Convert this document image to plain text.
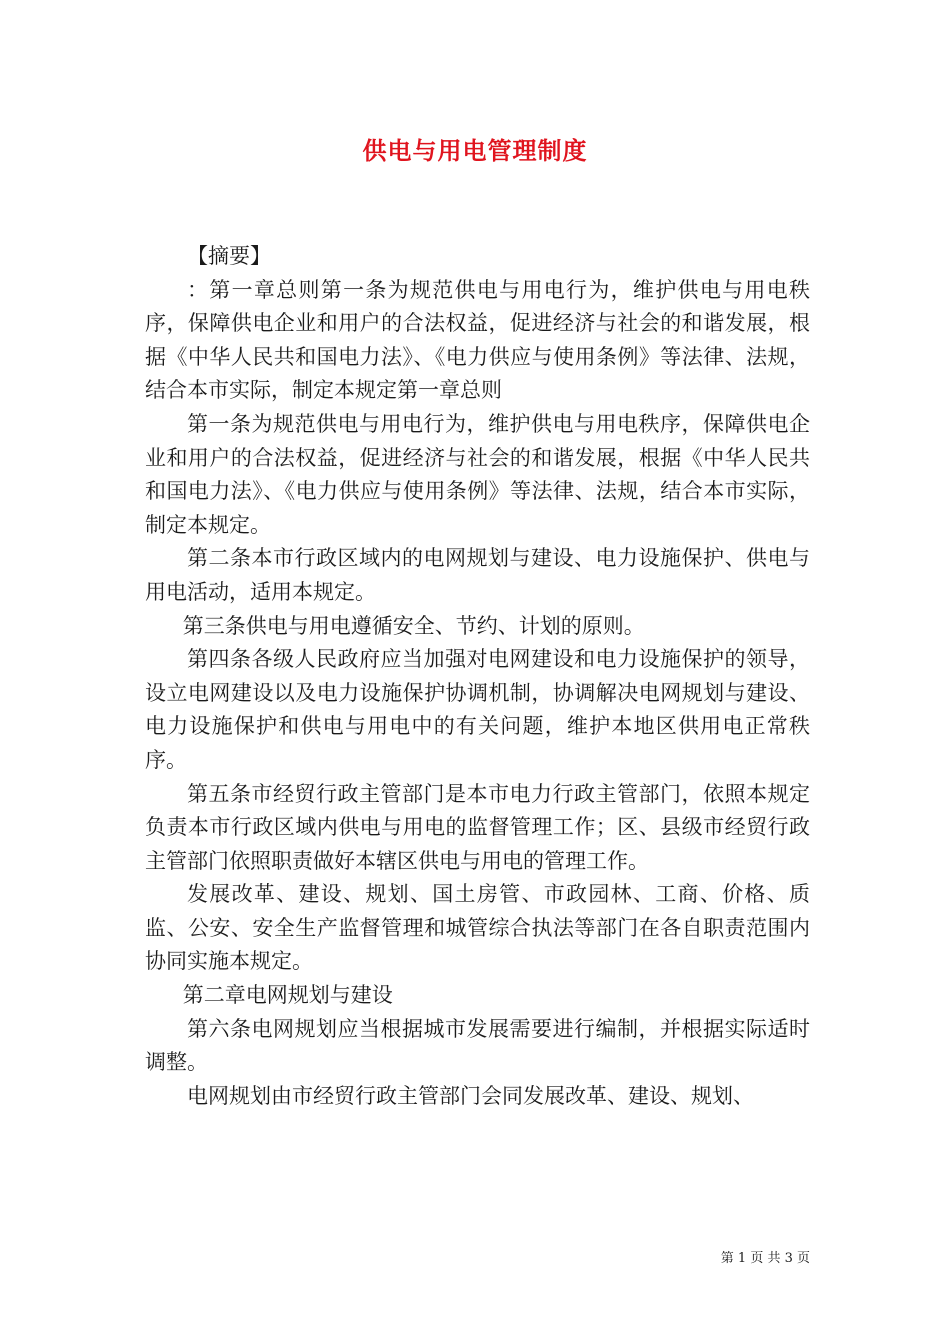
供电与用电管理制度

【摘要】

：第一章总则第一条为规范供电与用电行为，维护供电与用电秩序，保障供电企业和用户的合法权益，促进经济与社会的和谐发展，根据《中华人民共和国电力法》、《电力供应与使用条例》等法律、法规，结合本市实际，制定本规定第一章总则

第一条为规范供电与用电行为，维护供电与用电秩序，保障供电企业和用户的合法权益，促进经济与社会的和谐发展，根据《中华人民共和国电力法》、《电力供应与使用条例》等法律、法规，结合本市实际，制定本规定。

第二条本市行政区域内的电网规划与建设、电力设施保护、供电与用电活动，适用本规定。

第三条供电与用电遵循安全、节约、计划的原则。

第四条各级人民政府应当加强对电网建设和电力设施保护的领导，设立电网建设以及电力设施保护协调机制，协调解决电网规划与建设、电力设施保护和供电与用电中的有关问题，维护本地区供用电正常秩序。

第五条市经贸行政主管部门是本市电力行政主管部门，依照本规定负责本市行政区域内供电与用电的监督管理工作；区、县级市经贸行政主管部门依照职责做好本辖区供电与用电的管理工作。

发展改革、建设、规划、国土房管、市政园林、工商、价格、质监、公安、安全生产监督管理和城管综合执法等部门在各自职责范围内协同实施本规定。

第二章电网规划与建设

第六条电网规划应当根据城市发展需要进行编制，并根据实际适时调整。

电网规划由市经贸行政主管部门会同发展改革、建设、规划、

第 1 页 共 3 页
